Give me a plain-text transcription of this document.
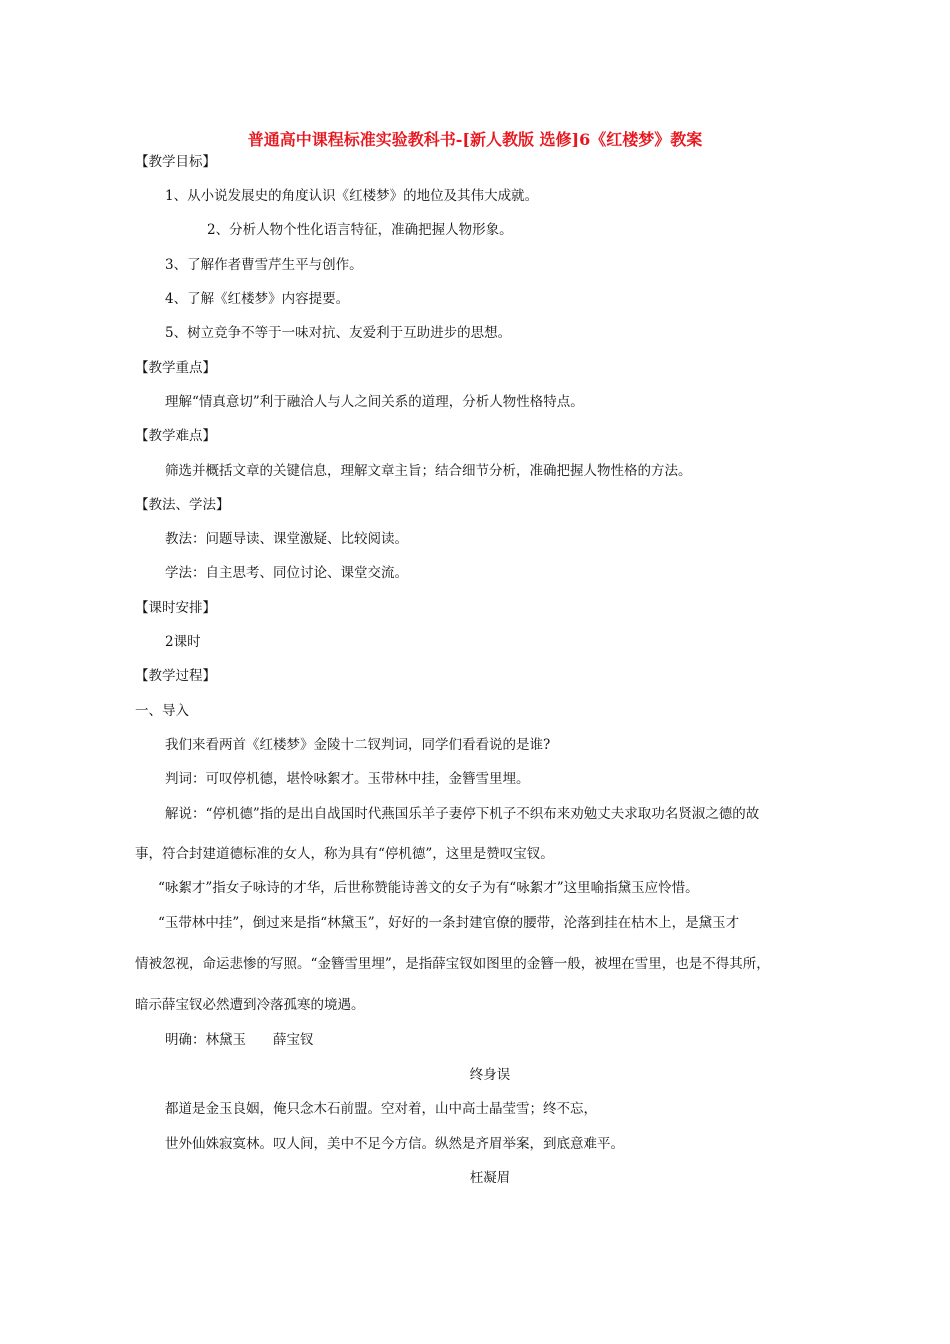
普通高中课程标准实验教科书-[新人教版 选修]6《红楼梦》教案
【教学目标】
1、从小说发展史的角度认识《红楼梦》的地位及其伟大成就。
2、分析人物个性化语言特征，准确把握人物形象。
3、了解作者曹雪芹生平与创作。
4、了解《红楼梦》内容提要。
5、树立竞争不等于一味对抗、友爱利于互助进步的思想。
【教学重点】
理解“情真意切”利于融洽人与人之间关系的道理，分析人物性格特点。
【教学难点】
筛选并概括文章的关键信息，理解文章主旨；结合细节分析，准确把握人物性格的方法。
【教法、学法】
教法：问题导读、课堂激疑、比较阅读。
学法：自主思考、同位讨论、课堂交流。
【课时安排】
2课时
【教学过程】
一、导入
我们来看两首《红楼梦》金陵十二钗判词，同学们看看说的是谁?
判词：可叹停机德，堪怜咏絮才。玉带林中挂，金簪雪里埋。
解说：“停机德”指的是出自战国时代燕国乐羊子妻停下机子不织布来劝勉丈夫求取功名贤淑之德的故
事，符合封建道德标准的女人，称为具有“停机德”，这里是赞叹宝钗。
“咏絮才”指女子咏诗的才华，后世称赞能诗善文的女子为有“咏絮才”这里喻指黛玉应怜惜。
“玉带林中挂”，倒过来是指“林黛玉”，好好的一条封建官僚的腰带，沦落到挂在枯木上，是黛玉才
情被忽视，命运悲惨的写照。“金簪雪里埋”，是指薛宝钗如图里的金簪一般，被埋在雪里，也是不得其所，
暗示薛宝钗必然遭到冷落孤寒的境遇。
明确：林黛玉　　薛宝钗
终身误
都道是金玉良姻，俺只念木石前盟。空对着，山中高士晶莹雪；终不忘，
世外仙姝寂寞林。叹人间，美中不足今方信。纵然是齐眉举案，到底意难平。
枉凝眉
